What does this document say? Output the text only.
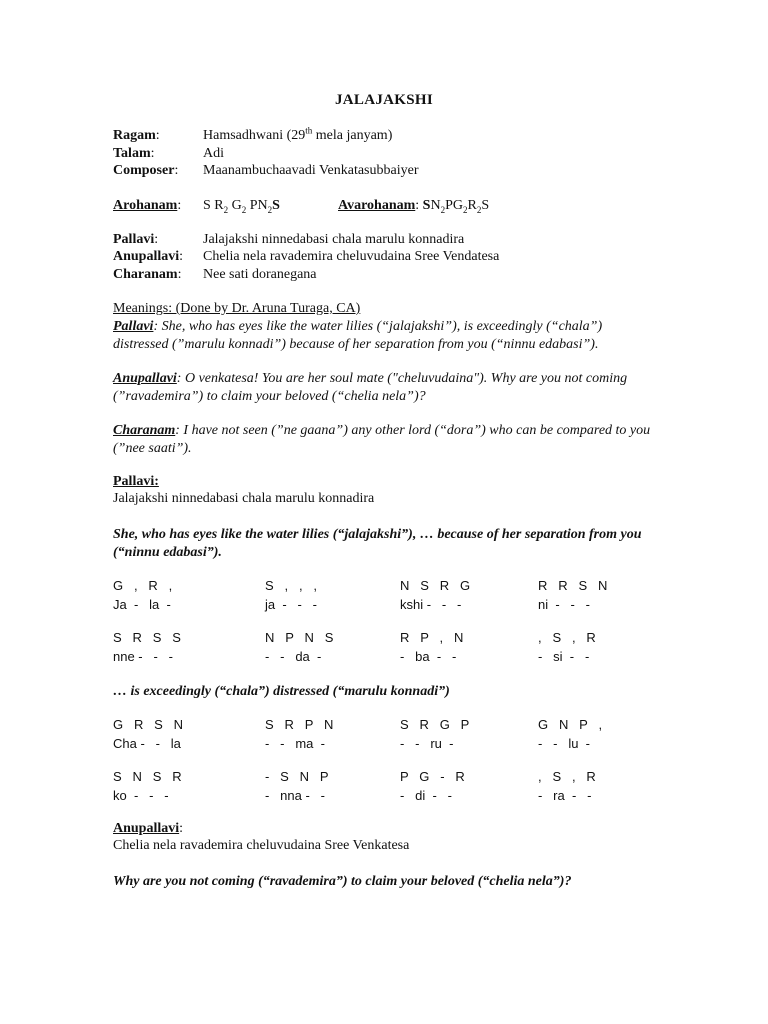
JALAJAKSHI
Ragam:	Hamsadhwani (29th mela janyam)
Talam:	Adi
Composer: Maanambuchaavadi Venkatasubbaiyer
Arohanam: S $R_2$ $G_2$ $PN_2S$	Avarohanam: $SN_2PG_2R_2S$
Pallavi:	Jalajakshi ninnedabasi chala marulu konnadira
Anupallavi: Chelia nela ravademira cheluvudaina Sree Vendatesa
Charanam: Nee sati doranegana
Meanings: (Done by Dr. Aruna Turaga, CA)
Pallavi: She, who has eyes like the water lilies (“jalajakshi”), is exceedingly (“chala”) distressed (”marulu konnadi”) because of her separation from you (“ninnu edabasi”).
Anupallavi: O venkatesa! You are her soul mate ("cheluvudaina"). Why are you not coming (”ravademira”) to claim your beloved (“chelia nela”)?
Charanam: I have not seen (”ne gaana”) any other lord (“dora”) who can be compared to you (”nee saati”).
Pallavi:
Jalajakshi ninnedabasi chala marulu konnadira
She, who has eyes like the water lilies (“jalajakshi”), … because of her separation from you (“ninnu edabasi”).
… is exceedingly (“chala”) distressed (“marulu konnadi”)
Anupallavi:
Chelia nela ravademira cheluvudaina Sree Venkatesa
Why are you not coming (“ravademira”) to claim your beloved (“chelia nela”)?
G   ,   R   ,	S   ,   ,   ,	N   S   R   G	R   R   S   N
Ja  -   la  -	ja  -   -   -	kshi -   -   -	ni  -   -   -
S   R   S   S	N   P   N   S	R   P   ,   N	,   S   ,   R
nne -   -   -	-   -   da  -	-   ba  -   -	-   si  -   -
G   R   S   N	S   R   P   N	S   R   G   P	G   N   P   ,
Cha -   -   la	-   -   ma  -	-   -   ru  -	-   -   lu  -
S   N   S   R	-   S   N   P	P   G   -   R	,   S   ,   R
ko  -   -   -	-   nna -   -	-   di  -   -	-   ra  -   -
